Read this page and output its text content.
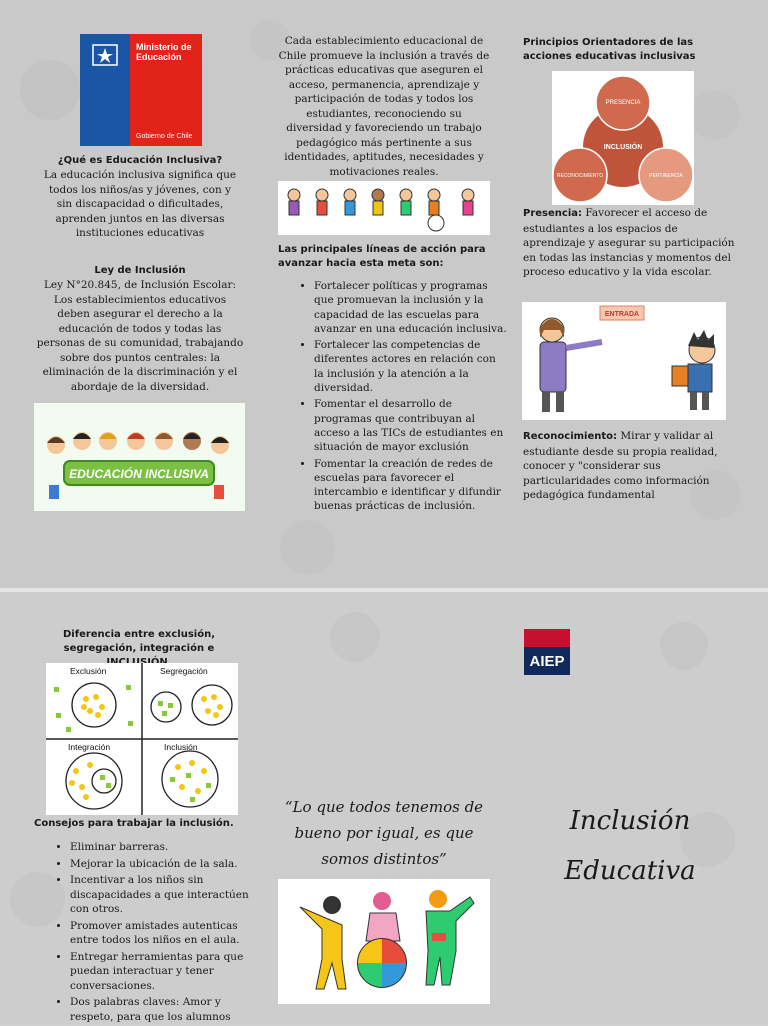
Ministerio de Educación
Gobierno de Chile
¿Qué es Educación Inclusiva?
La educación inclusiva significa que todos los niños/as y jóvenes, con y sin discapacidad o dificultades, aprenden juntos en las diversas instituciones educativas
Ley de Inclusión
Ley N°20.845, de Inclusión Escolar: Los establecimientos educativos deben asegurar el derecho a la educación de todos y todas las personas de su comunidad, trabajando sobre dos puntos centrales: la eliminación de la discriminación y el abordaje de la diversidad.
EDUCACIÓN INCLUSIVA
Cada establecimiento educacional de Chile promueve la inclusión a través de prácticas educativas que aseguren el acceso, permanencia, aprendizaje y participación de todas y todos los estudiantes, reconociendo su diversidad y favoreciendo un trabajo pedagógico más pertinente a sus identidades, aptitudes, necesidades y motivaciones reales.
Las principales líneas de acción para avanzar hacia esta meta son:
• Fortalecer políticas y programas que promuevan la inclusión y la capacidad de las escuelas para avanzar en una educación inclusiva.
• Fortalecer las competencias de diferentes actores en relación con la inclusión y la atención a la diversidad.
• Fomentar el desarrollo de programas que contribuyan al acceso a las TICs de estudiantes en situación de mayor exclusión
• Fomentar la creación de redes de escuelas para favorecer el intercambio e identificar y difundir buenas prácticas de inclusión.
Principios Orientadores de las acciones educativas inclusivas
PRESENCIA
INCLUSIÓN
RECONOCIMIENTO	PERTINENCIA
Presencia: Favorecer el acceso de estudiantes a los espacios de aprendizaje y asegurar su participación en todas las instancias y momentos del proceso educativo y la vida escolar.
ENTRADA
Reconocimiento: Mirar y validar al estudiante desde su propia realidad, conocer y "considerar sus particularidades como información pedagógica fundamental
Diferencia entre exclusión, segregación, integración e
Exclusión	Segregación
Integración	Inclusión
Consejos para trabajar la inclusión.
• Eliminar barreras.
• Mejorar la ubicación de la sala.
• Incentivar a los niños sin discapacidades a que interactúen con otros.
• Promover amistades autenticas entre todos los niños en el aula.
• Entregar herramientas para que puedan interactuar y tener conversaciones.
• Dos palabras claves: Amor y respeto, para que los alumnos
AIEP
“Lo que todos tenemos de bueno por igual, es que somos distintos”
Inclusión
Educativa
